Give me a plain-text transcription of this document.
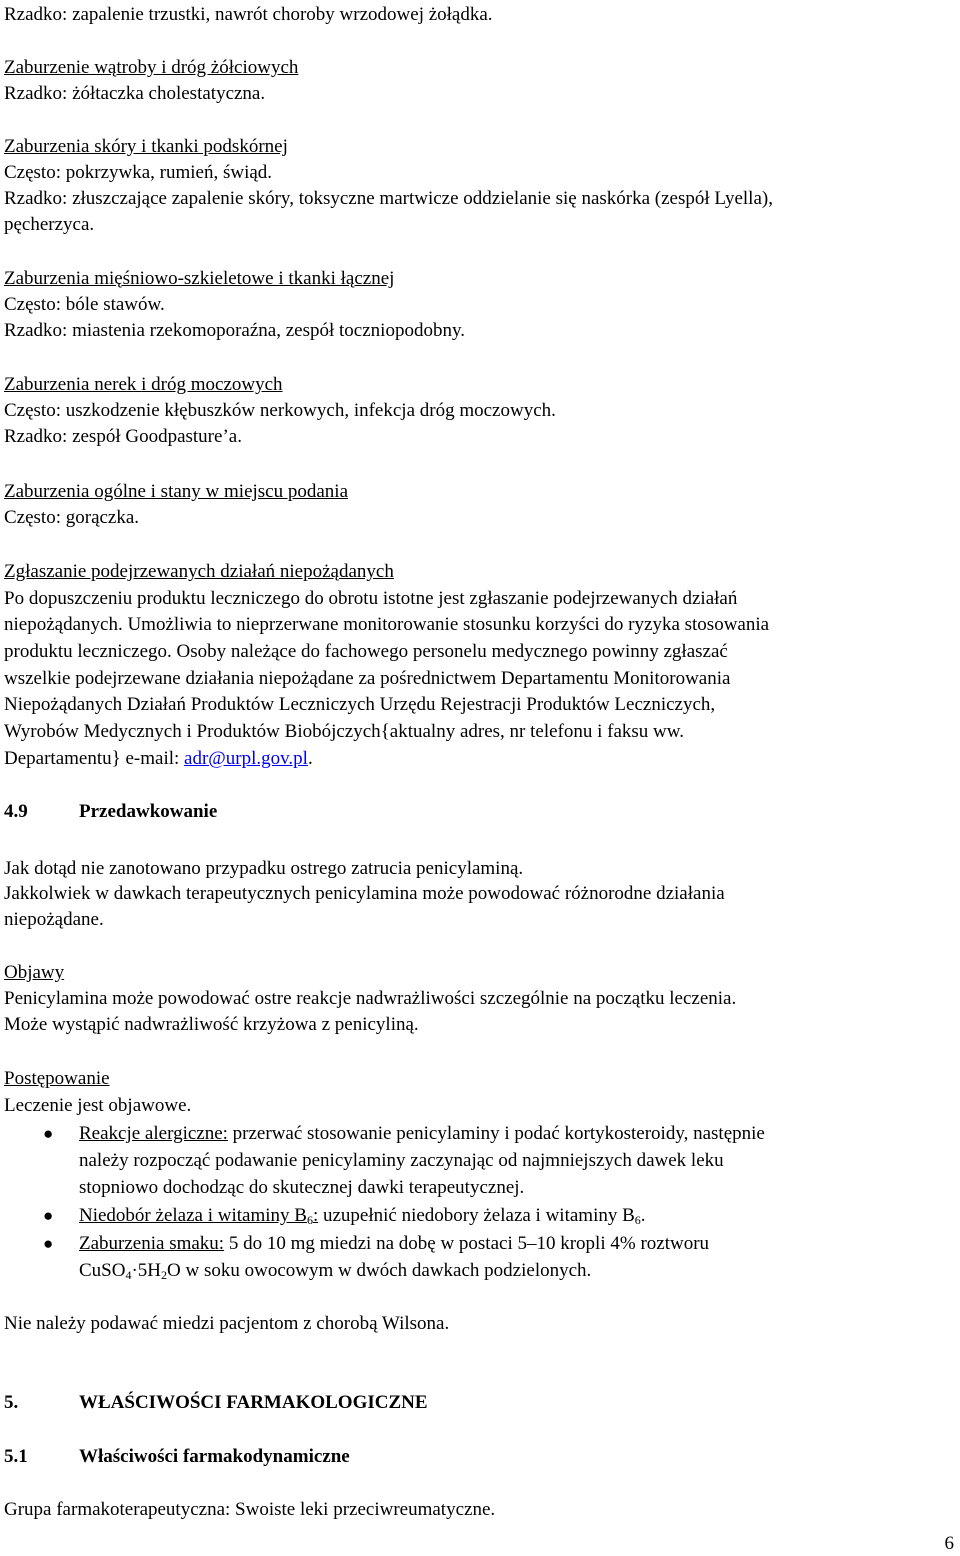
Rzadko: zapalenie trzustki, nawrót choroby wrzodowej żołądka.
Zaburzenie wątroby i dróg żółciowych
Rzadko: żółtaczka cholestatyczna.
Zaburzenia skóry i tkanki podskórnej
Często: pokrzywka, rumień, świąd.
Rzadko: złuszczające zapalenie skóry, toksyczne martwicze oddzielanie się naskórka (zespół Lyella),
pęcherzyca.
Zaburzenia mięśniowo-szkieletowe i tkanki łącznej
Często: bóle stawów.
Rzadko: miastenia rzekomoporaźna, zespół toczniopodobny.
Zaburzenia nerek i dróg moczowych
Często: uszkodzenie kłębuszków nerkowych, infekcja dróg moczowych.
Rzadko: zespół Goodpasture’a.
Zaburzenia ogólne i stany w miejscu podania
Często: gorączka.
Zgłaszanie podejrzewanych działań niepożądanych
Po dopuszczeniu produktu leczniczego do obrotu istotne jest zgłaszanie podejrzewanych działań
niepożądanych. Umożliwia to nieprzerwane monitorowanie stosunku korzyści do ryzyka stosowania
produktu leczniczego. Osoby należące do fachowego personelu medycznego powinny zgłaszać
wszelkie podejrzewane działania niepożądane za pośrednictwem Departamentu Monitorowania
Niepożądanych Działań Produktów Leczniczych Urzędu Rejestracji Produktów Leczniczych,
Wyrobów Medycznych i Produktów Biobójczych{aktualny adres, nr telefonu i faksu ww.
Departamentu} e-mail: adr@urpl.gov.pl.
4.9	Przedawkowanie
Jak dotąd nie zanotowano przypadku ostrego zatrucia penicylaminą.
Jakkolwiek w dawkach terapeutycznych penicylamina może powodować różnorodne działania
niepożądane.
Objawy
Penicylamina może powodować ostre reakcje nadwrażliwości szczególnie na początku leczenia.
Może wystąpić nadwrażliwość krzyżowa z penicyliną.
Postępowanie
Leczenie jest objawowe.
● Reakcje alergiczne: przerwać stosowanie penicylaminy i podać kortykosteroidy, następnie
należy rozpocząć podawanie penicylaminy zaczynając od najmniejszych dawek leku
stopniowo dochodząc do skutecznej dawki terapeutycznej.
● Niedobór żelaza i witaminy $B_6$: uzupełnić niedobory żelaza i witaminy $B_6$.
● Zaburzenia smaku: 5 do 10 mg miedzi na dobę w postaci 5–10 kropli 4% roztworu
$CuSO_4\cdot 5H_2O$ w soku owocowym w dwóch dawkach podzielonych.
Nie należy podawać miedzi pacjentom z chorobą Wilsona.
5.	WŁAŚCIWOŚCI FARMAKOLOGICZNE
5.1	Właściwości farmakodynamiczne
Grupa farmakoterapeutyczna: Swoiste leki przeciwreumatyczne.
6
